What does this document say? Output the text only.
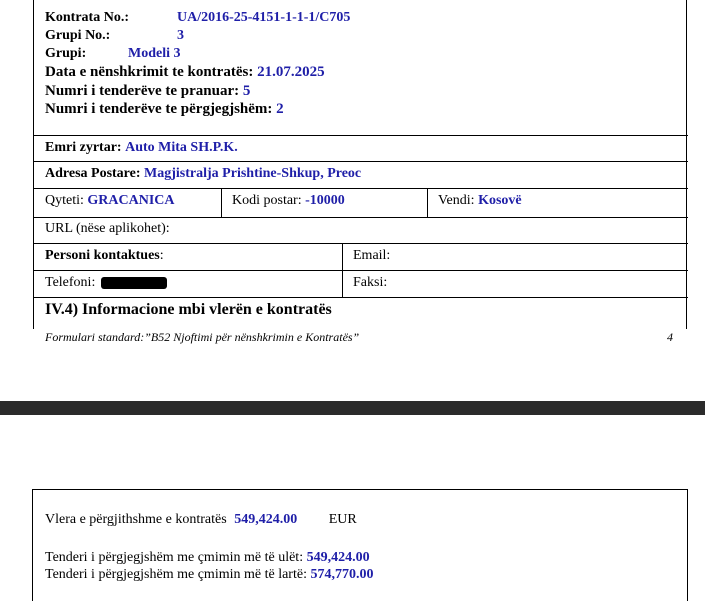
Kontrata No.:	UA/2016-25-4151-1-1-1/C705
Grupi No.:	3
Grupi:	Modeli 3
Data e nënshkrimit te kontratës: 21.07.2025
Numri i tenderëve te pranuar: 5
Numri i tenderëve te përgjegjshëm: 2
Emri zyrtar: Auto Mita SH.P.K.
Adresa Postare: Magjistralja Prishtine-Shkup, Preoc
Qyteti: GRACANICA	Kodi postar: -10000	Vendi: Kosovë
URL (nëse aplikohet):
Personi kontaktues:	Email:
Telefoni:	Faksi:
IV.4) Informacione mbi vlerën e kontratës
Formulari standard:”B52 Njoftimi për nënshkrimin e Kontratës”	4
Vlera e përgjithshme e kontratës 549,424.00 EUR
Tenderi i përgjegjshëm me çmimin më të ulët: 549,424.00
Tenderi i përgjegjshëm me çmimin më të lartë: 574,770.00
